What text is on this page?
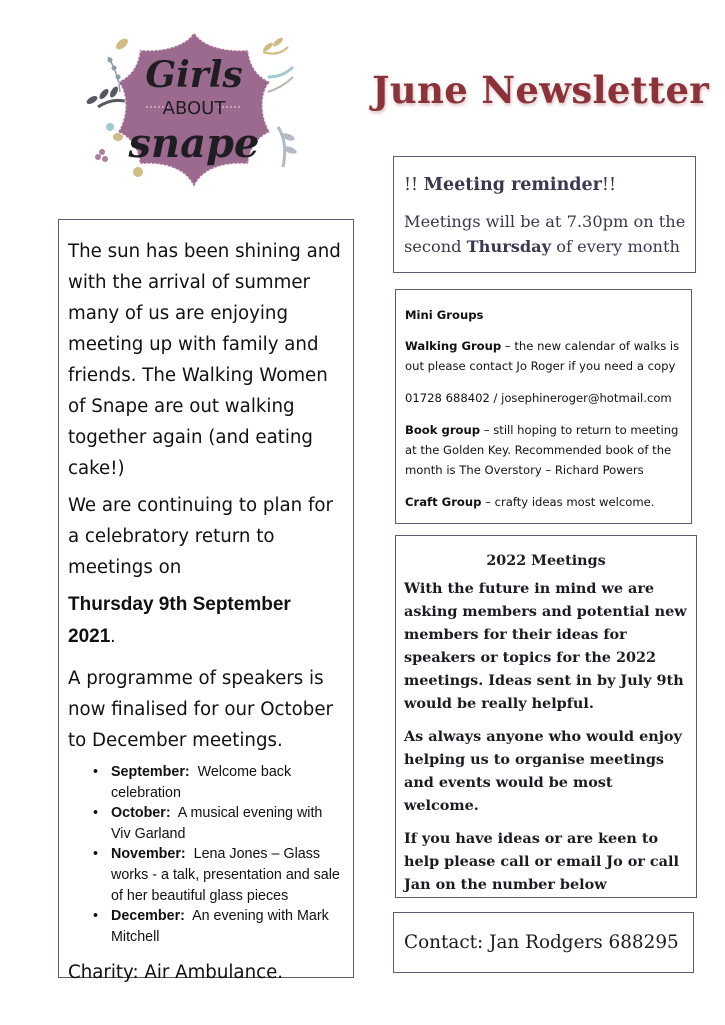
Girls
ABOUT
snape
June Newsletter

The sun has been shining and with the arrival of summer many of us are enjoying meeting up with family and friends. The Walking Women of Snape are out walking together again (and eating cake!)

We are continuing to plan for a celebratory return to meetings on

Thursday 9th September 2021.

A programme of speakers is now finalised for our October to December meetings.

• September: Welcome back celebration
• October: A musical evening with Viv Garland
• November: Lena Jones – Glass works - a talk, presentation and sale of her beautiful glass pieces
• December: An evening with Mark Mitchell

Charity: Air Ambulance.

!! Meeting reminder!!

Meetings will be at 7.30pm on the

second Thursday of every month

Mini Groups

Walking Group – the new calendar of walks is out please contact Jo Roger if you need a copy

01728 688402 / josephineroger@hotmail.com

Book group – still hoping to return to meeting at the Golden Key. Recommended book of the month is The Overstory – Richard Powers

Craft Group – crafty ideas most welcome.

2022 Meetings

With the future in mind we are asking members and potential new members for their ideas for speakers or topics for the 2022 meetings. Ideas sent in by July 9th would be really helpful.

As always anyone who would enjoy helping us to organise meetings and events would be most welcome.

If you have ideas or are keen to help please call or email Jo or call Jan on the number below

Contact: Jan Rodgers 688295
